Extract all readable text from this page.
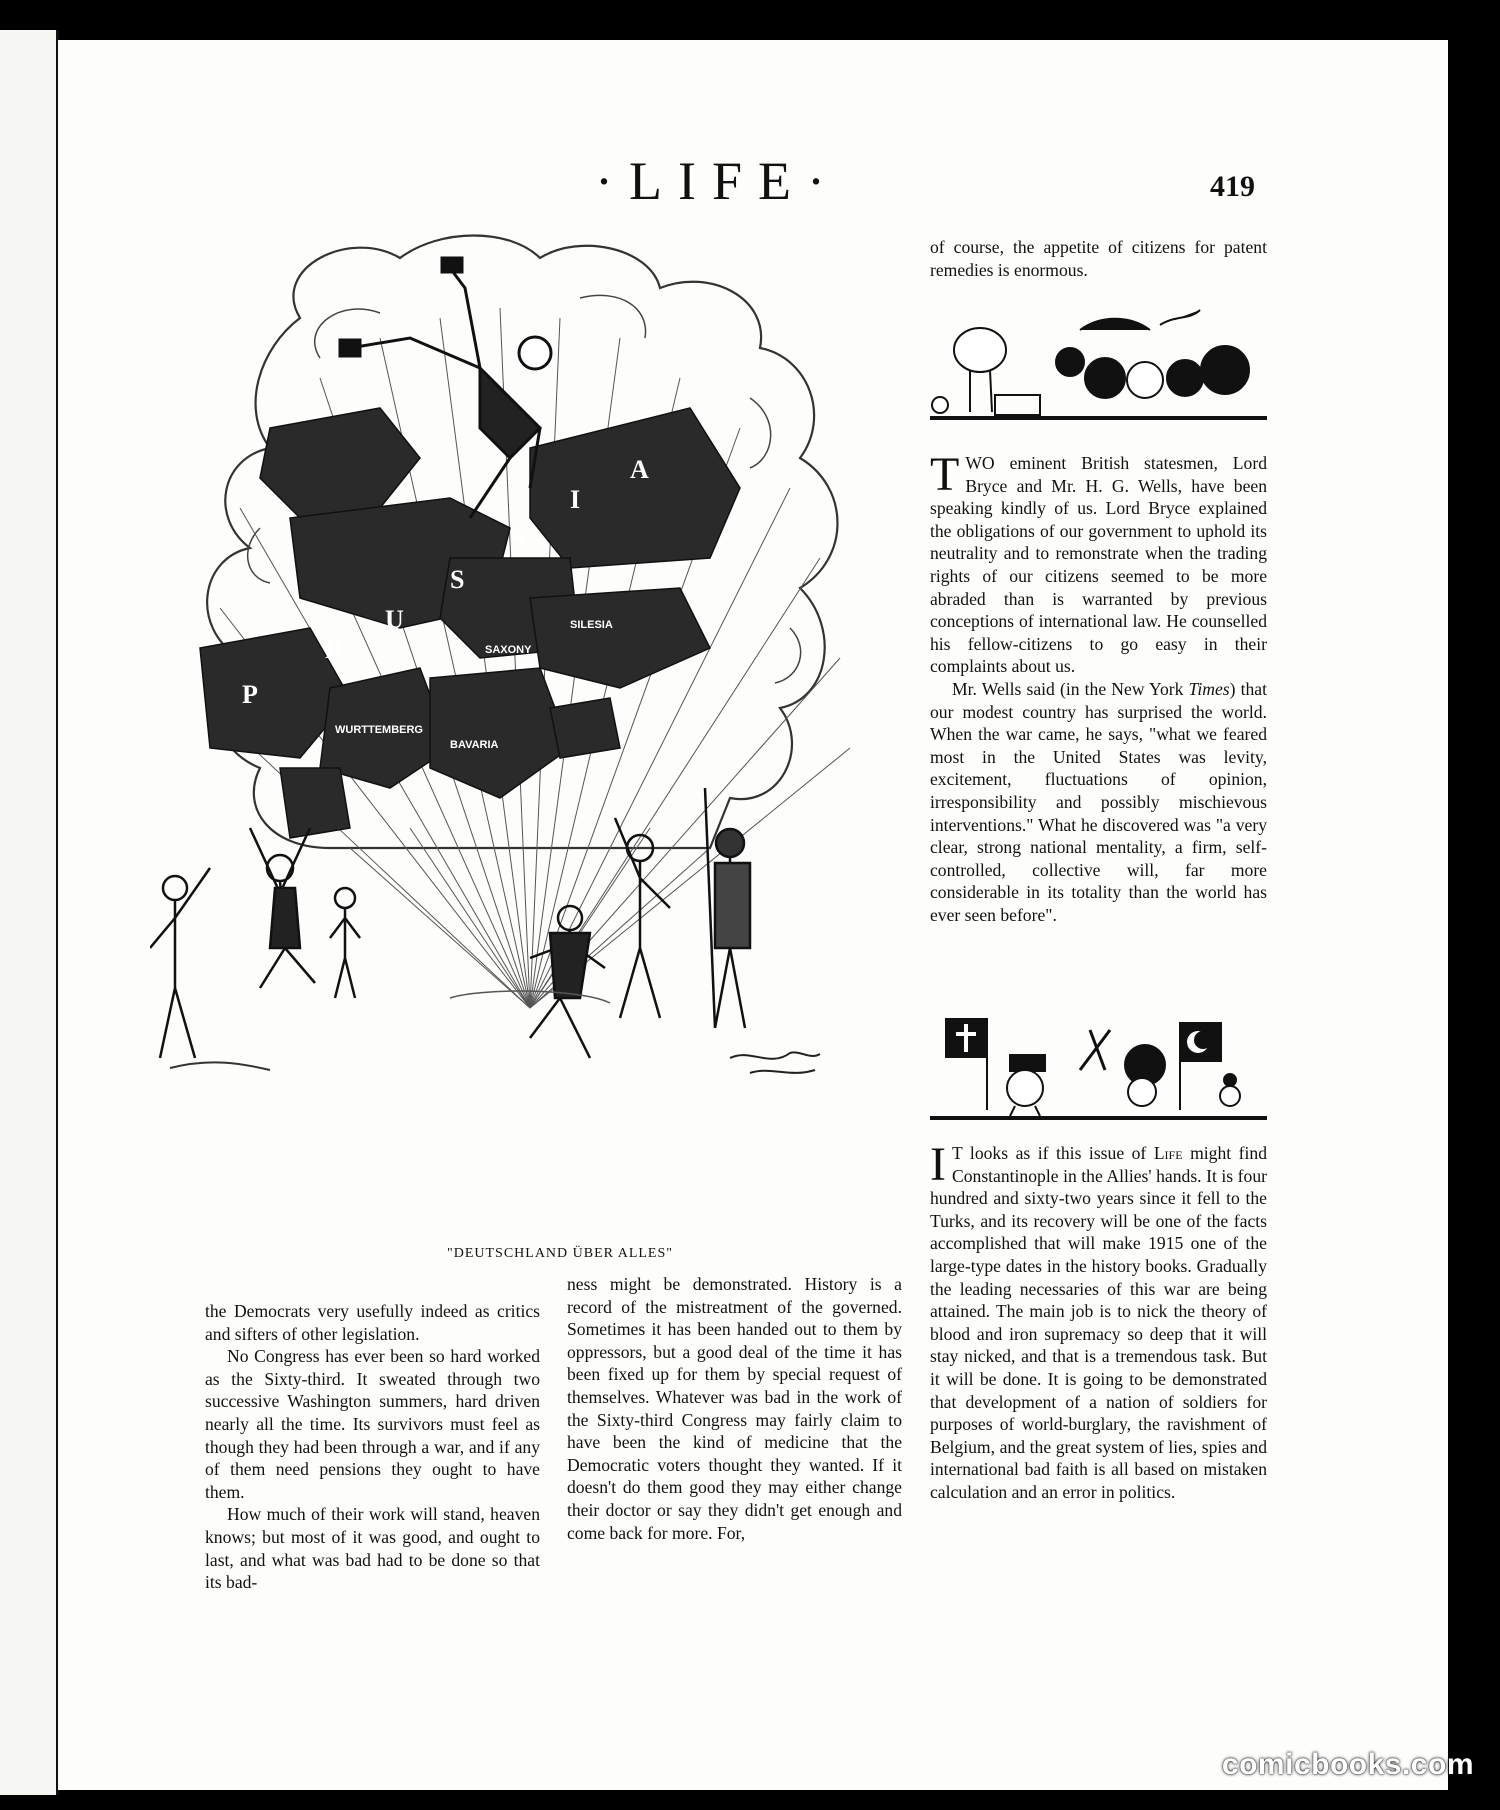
·LIFE·	419
P
R
U
S
S
I
A
SILESIA
BAVARIA
SAXONY
WURTTEMBERG
"DEUTSCHLAND ÜBER ALLES"

the Democrats very usefully indeed as critics and sifters of other legislation.

No Congress has ever been so hard worked as the Sixty-third. It sweated through two successive Washington summers, hard driven nearly all the time. Its survivors must feel as though they had been through a war, and if any of them need pensions they ought to have them.

How much of their work will stand, heaven knows; but most of it was good, and ought to last, and what was bad had to be done so that its bad-

ness might be demonstrated. History is a record of the mistreatment of the governed. Sometimes it has been handed out to them by oppressors, but a good deal of the time it has been fixed up for them by special request of themselves. Whatever was bad in the work of the Sixty-third Congress may fairly claim to have been the kind of medicine that the Democratic voters thought they wanted. If it doesn't do them good they may either change their doctor or say they didn't get enough and come back for more. For,

of course, the appetite of citizens for patent remedies is enormous.

TWO eminent British statesmen, Lord Bryce and Mr. H. G. Wells, have been speaking kindly of us. Lord Bryce explained the obligations of our government to uphold its neutrality and to remonstrate when the trading rights of our citizens seemed to be more abraded than is warranted by previous conceptions of international law. He counselled his fellow-citizens to go easy in their complaints about us.

Mr. Wells said (in the New York Times) that our modest country has surprised the world. When the war came, he says, "what we feared most in the United States was levity, excitement, fluctuations of opinion, irresponsibility and possibly mischievous interventions." What he discovered was "a very clear, strong national mentality, a firm, self-controlled, collective will, far more considerable in its totality than the world has ever seen before".

I T looks as if this issue of Life might find Constantinople in the Allies' hands. It is four hundred and sixty-two years since it fell to the Turks, and its recovery will be one of the facts accomplished that will make 1915 one of the large-type dates in the history books. Gradually the leading necessaries of this war are being attained. The main job is to nick the theory of blood and iron supremacy so deep that it will stay nicked, and that is a tremendous task. But it will be done. It is going to be demonstrated that development of a nation of soldiers for purposes of world-burglary, the ravishment of Belgium, and the great system of lies, spies and international bad faith is all based on mistaken calculation and an error in politics.

comicbooks.com
